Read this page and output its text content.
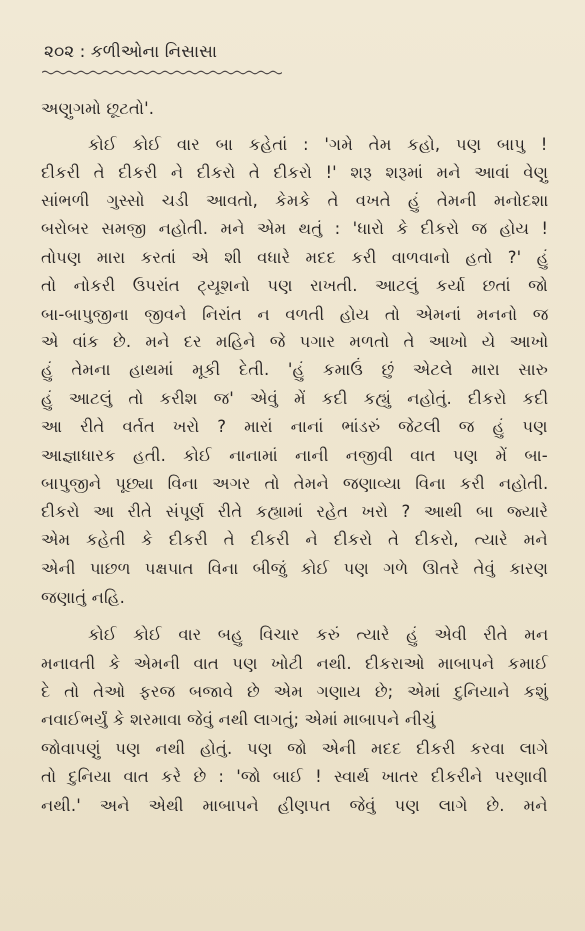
૨૦૨ : કળીઓના નિસાસા
અણુગમો છૂટતો'.
કોઈ કોઈ વાર બા કહેતાં : 'ગમે તેમ કહો, પણ બાપુ !
દીકરી તે દીકરી ને દીકરો તે દીકરો !' શરૂ શરૂમાં મને આવાં વેણુ
સાંભળી ગુસ્સો ચડી આવતો, કેમકે તે વખતે હું તેમની મનોદશા
બરોબર સમજી નહોતી. મને એમ થતું : 'ધારો કે દીકરો જ હોય !
તોપણ મારા કરતાં એ શી વધારે મદદ કરી વાળવાનો હતો ?' હું
તો નોકરી ઉપરાંત ટ્યૂશનો પણ રાખતી. આટલું કર્યા છતાં જો
બા-બાપુજીના જીવને નિરાંત ન વળતી હોય તો એમનાં મનનો જ
એ વાંક છે. મને દર મહિને જે પગાર મળતો તે આખો યે આખો
હું તેમના હાથમાં મૂકી દેતી. 'હું કમાઉં છું એટલે મારા સારુ
હું આટલું તો કરીશ જ' એવું મેં કદી કહ્યું નહોતું. દીકરો કદી
આ રીતે વર્તત ખરો ? મારાં નાનાં ભાંડરું જેટલી જ હું પણ
આજ્ઞાધારક હતી. કોઈ નાનામાં નાની નજીવી વાત પણ મેં બા-
બાપુજીને પૂછ્યા વિના અગર તો તેમને જણાવ્યા વિના કરી નહોતી.
દીકરો આ રીતે સંપૂર્ણ રીતે કહ્યામાં રહેત ખરો ? આથી બા જ્યારે
એમ કહેતી કે દીકરી તે દીકરી ને દીકરો તે દીકરો, ત્યારે મને
એની પાછળ પક્ષપાત વિના બીજું કોઈ પણ ગળે ઊતરે તેવું કારણ
જણાતું નહિ.
કોઈ કોઈ વાર બહુ વિચાર કરું ત્યારે હું એવી રીતે મન
મનાવતી કે એમની વાત પણ ખોટી નથી. દીકરાઓ માબાપને કમાઈ
દે તો તેઓ ફરજ બજાવે છે એમ ગણાય છે; એમાં દુનિયાને કશું
નવાઈભર્યું કે શરમાવા જેવું નથી લાગતું; એમાં માબાપને નીચું
જોવાપણું પણ નથી હોતું. પણ જો એની મદદ દીકરી કરવા લાગે
તો દુનિયા વાત કરે છે : 'જો બાઈ ! સ્વાર્થ ખાતર દીકરીને પરણાવી
નથી.' અને એથી માબાપને હીણપત જેવું પણ લાગે છે. મને
